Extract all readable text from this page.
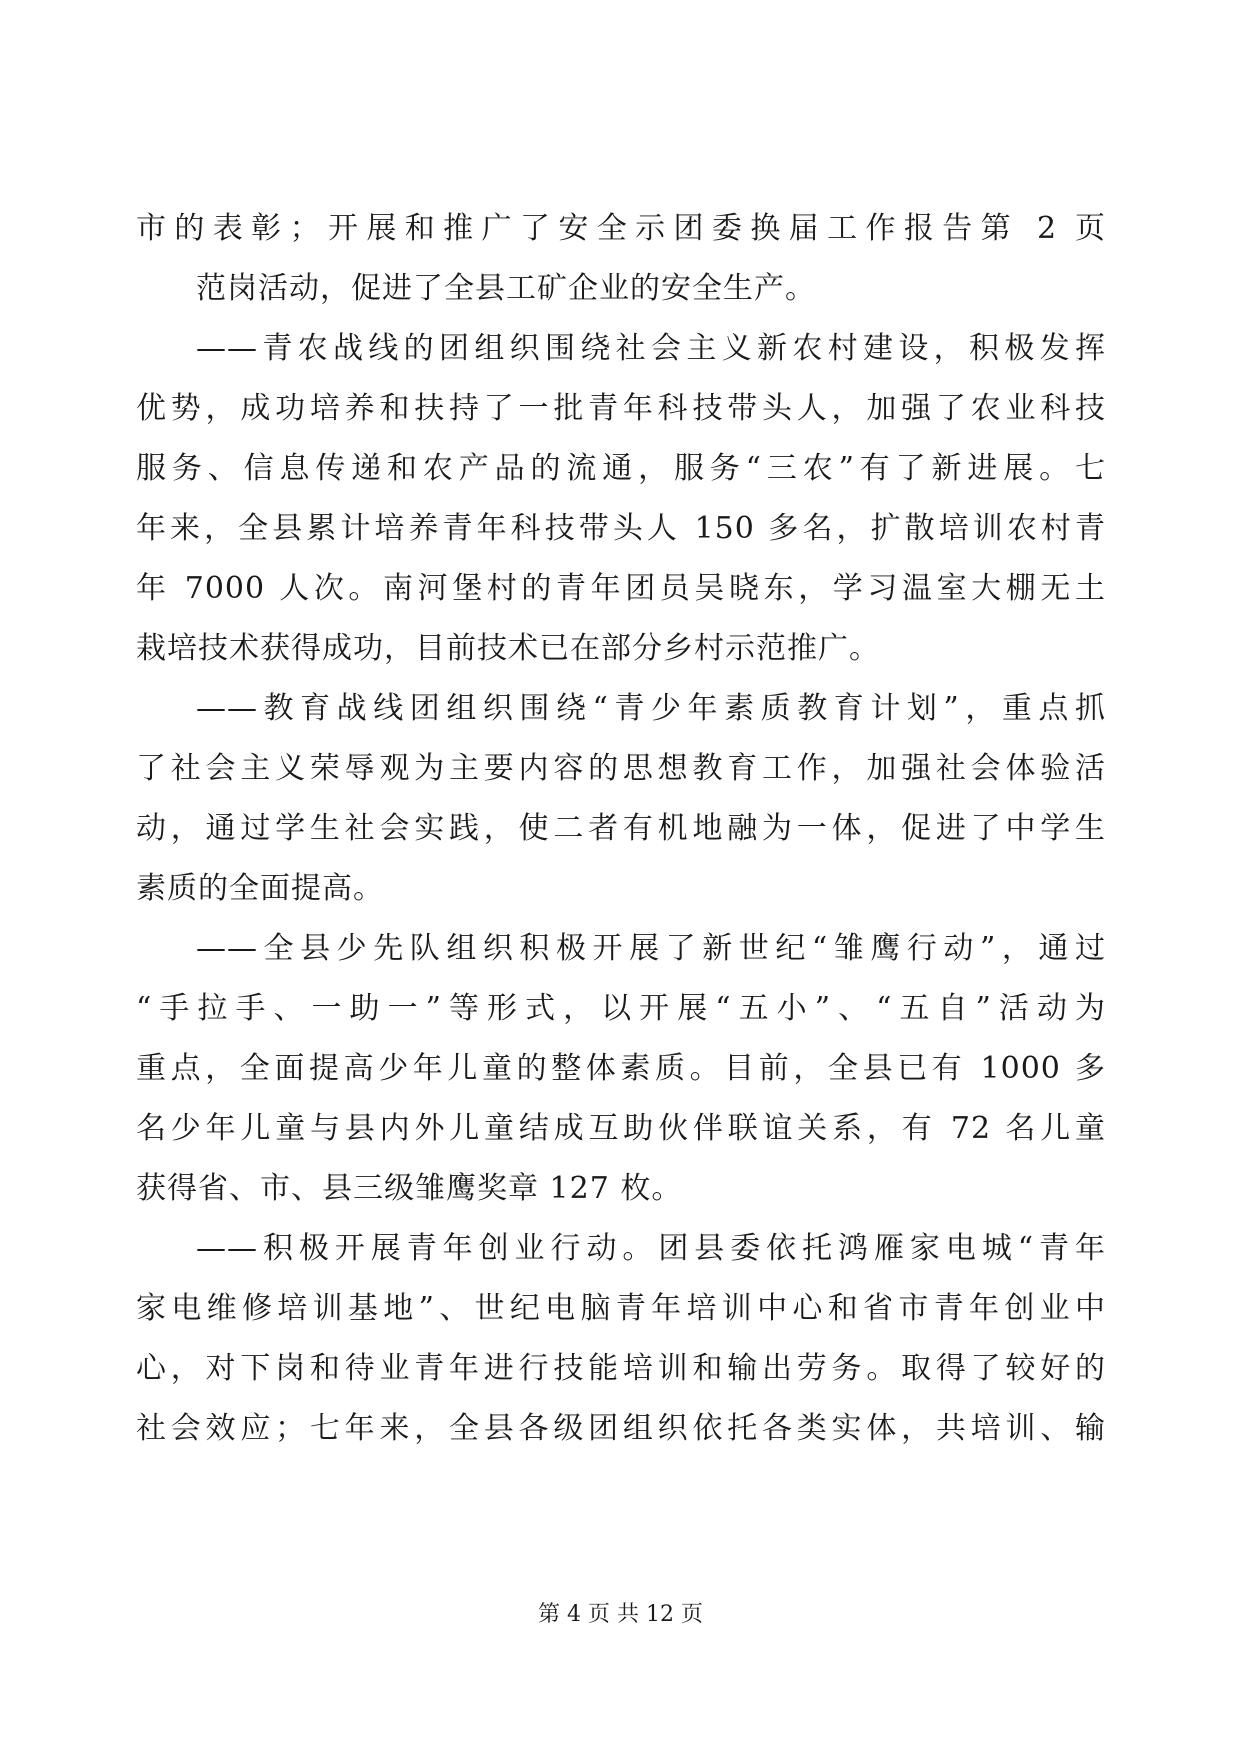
市的表彰；开展和推广了安全示团委换届工作报告第 2 页
范岗活动，促进了全县工矿企业的安全生产。
——青农战线的团组织围绕社会主义新农村建设，积极发挥
优势，成功培养和扶持了一批青年科技带头人，加强了农业科技
服务、信息传递和农产品的流通，服务“三农”有了新进展。七
年来，全县累计培养青年科技带头人 150 多名，扩散培训农村青
年 7000 人次。南河堡村的青年团员吴晓东，学习温室大棚无土
栽培技术获得成功，目前技术已在部分乡村示范推广。
——教育战线团组织围绕“青少年素质教育计划”，重点抓
了社会主义荣辱观为主要内容的思想教育工作，加强社会体验活
动，通过学生社会实践，使二者有机地融为一体，促进了中学生
素质的全面提高。
——全县少先队组织积极开展了新世纪“雏鹰行动”，通过
“手拉手、一助一”等形式，以开展“五小”、“五自”活动为
重点，全面提高少年儿童的整体素质。目前，全县已有 1000 多
名少年儿童与县内外儿童结成互助伙伴联谊关系，有 72 名儿童
获得省、市、县三级雏鹰奖章 127 枚。
——积极开展青年创业行动。团县委依托鸿雁家电城“青年
家电维修培训基地”、世纪电脑青年培训中心和省市青年创业中
心，对下岗和待业青年进行技能培训和输出劳务。取得了较好的
社会效应；七年来，全县各级团组织依托各类实体，共培训、输
第 4 页 共 12 页
